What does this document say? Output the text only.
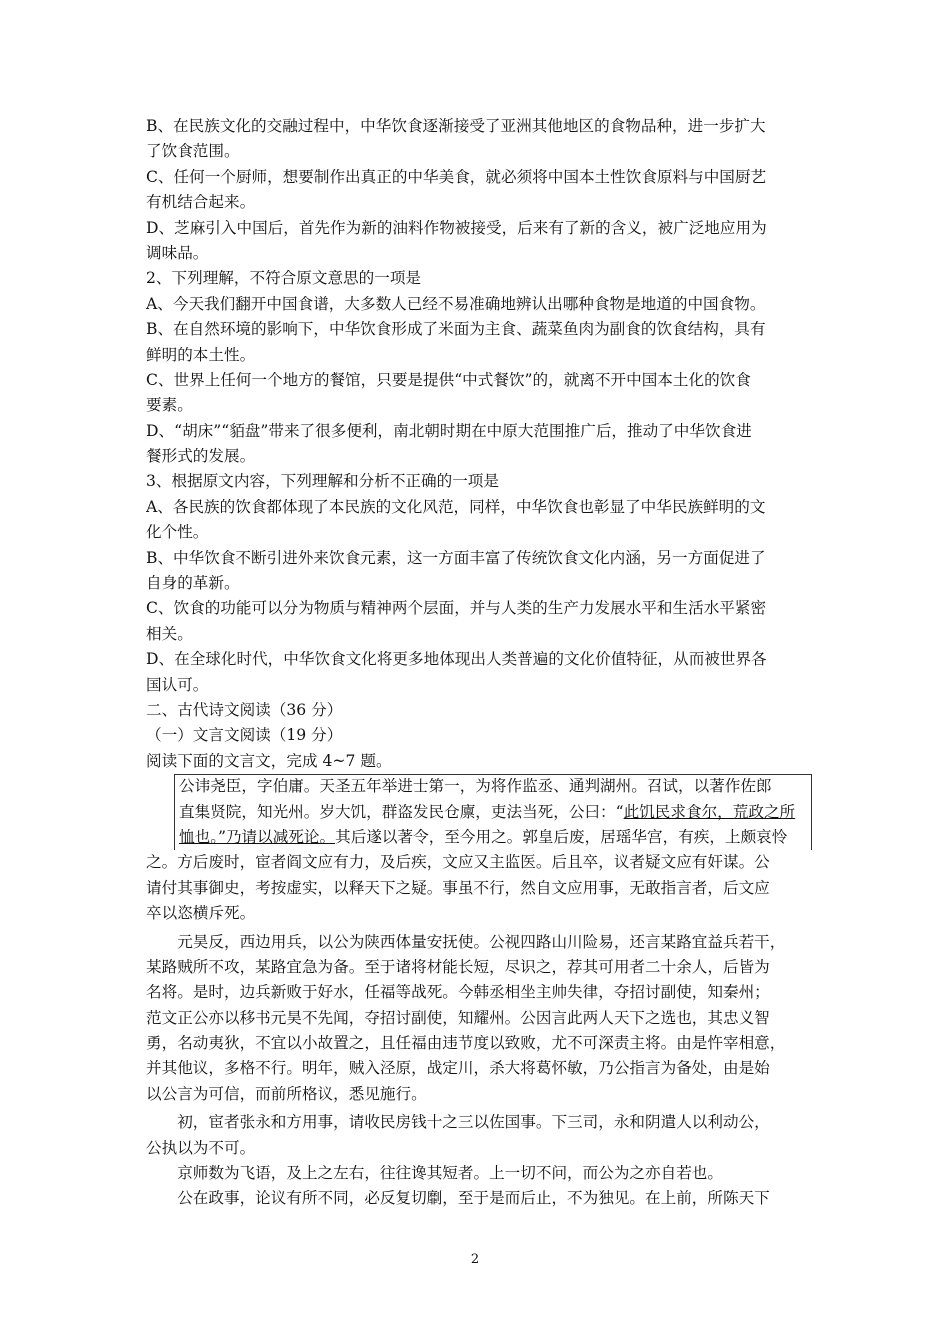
B、在民族文化的交融过程中，中华饮食逐渐接受了亚洲其他地区的食物品种，进一步扩大

了饮食范围。

C、任何一个厨师，想要制作出真正的中华美食，就必须将中国本土性饮食原料与中国厨艺

有机结合起来。

D、芝麻引入中国后，首先作为新的油料作物被接受，后来有了新的含义，被广泛地应用为

调味品。

2、下列理解，不符合原文意思的一项是

A、今天我们翻开中国食谱，大多数人已经不易准确地辨认出哪种食物是地道的中国食物。

B、在自然环境的影响下，中华饮食形成了米面为主食、蔬菜鱼肉为副食的饮食结构，具有

鲜明的本土性。

C、世界上任何一个地方的餐馆，只要是提供“中式餐饮”的，就离不开中国本土化的饮食

要素。

D、“胡床”“貊盘”带来了很多便利，南北朝时期在中原大范围推广后，推动了中华饮食进

餐形式的发展。

3、根据原文内容，下列理解和分析不正确的一项是

A、各民族的饮食都体现了本民族的文化风范，同样，中华饮食也彰显了中华民族鲜明的文

化个性。

B、中华饮食不断引进外来饮食元素，这一方面丰富了传统饮食文化内涵，另一方面促进了

自身的革新。

C、饮食的功能可以分为物质与精神两个层面，并与人类的生产力发展水平和生活水平紧密

相关。

D、在全球化时代，中华饮食文化将更多地体现出人类普遍的文化价值特征，从而被世界各

国认可。

二、古代诗文阅读（36 分）

（一）文言文阅读（19 分）

阅读下面的文言文，完成 4~7 题。

公讳尧臣，字伯庸。天圣五年举进士第一，为将作监丞、通判湖州。召试，以著作佐郎

直集贤院，知光州。岁大饥，群盗发民仓廪，吏法当死，公曰：“此饥民求食尔，荒政之所

恤也。”乃请以减死论。其后遂以著令，至今用之。郭皇后废，居瑶华宫，有疾，上颇哀怜

之。方后废时，宦者阎文应有力，及后疾，文应又主监医。后且卒，议者疑文应有奸谋。公

请付其事御史，考按虚实，以释天下之疑。事虽不行，然自文应用事，无敢指言者，后文应

卒以恣横斥死。

元昊反，西边用兵，以公为陕西体量安抚使。公视四路山川险易，还言某路宜益兵若干，

某路贼所不攻，某路宜急为备。至于诸将材能长短，尽识之，荐其可用者二十余人，后皆为

名将。是时，边兵新败于好水，任福等战死。今韩丞相坐主帅失律，夺招讨副使，知秦州；

范文正公亦以移书元昊不先闻，夺招讨副使，知耀州。公因言此两人天下之选也，其忠义智

勇，名动夷狄，不宜以小故置之，且任福由违节度以致败，尤不可深责主将。由是忤宰相意，

并其他议，多格不行。明年，贼入泾原，战定川，杀大将葛怀敏，乃公指言为备处，由是始

以公言为可信，而前所格议，悉见施行。

初，宦者张永和方用事，请收民房钱十之三以佐国事。下三司，永和阴遣人以利动公，

公执以为不可。

京师数为飞语，及上之左右，往往谗其短者。上一切不问，而公为之亦自若也。

公在政事，论议有所不同，必反复切劘，至于是而后止，不为独见。在上前，所陈天下

2
